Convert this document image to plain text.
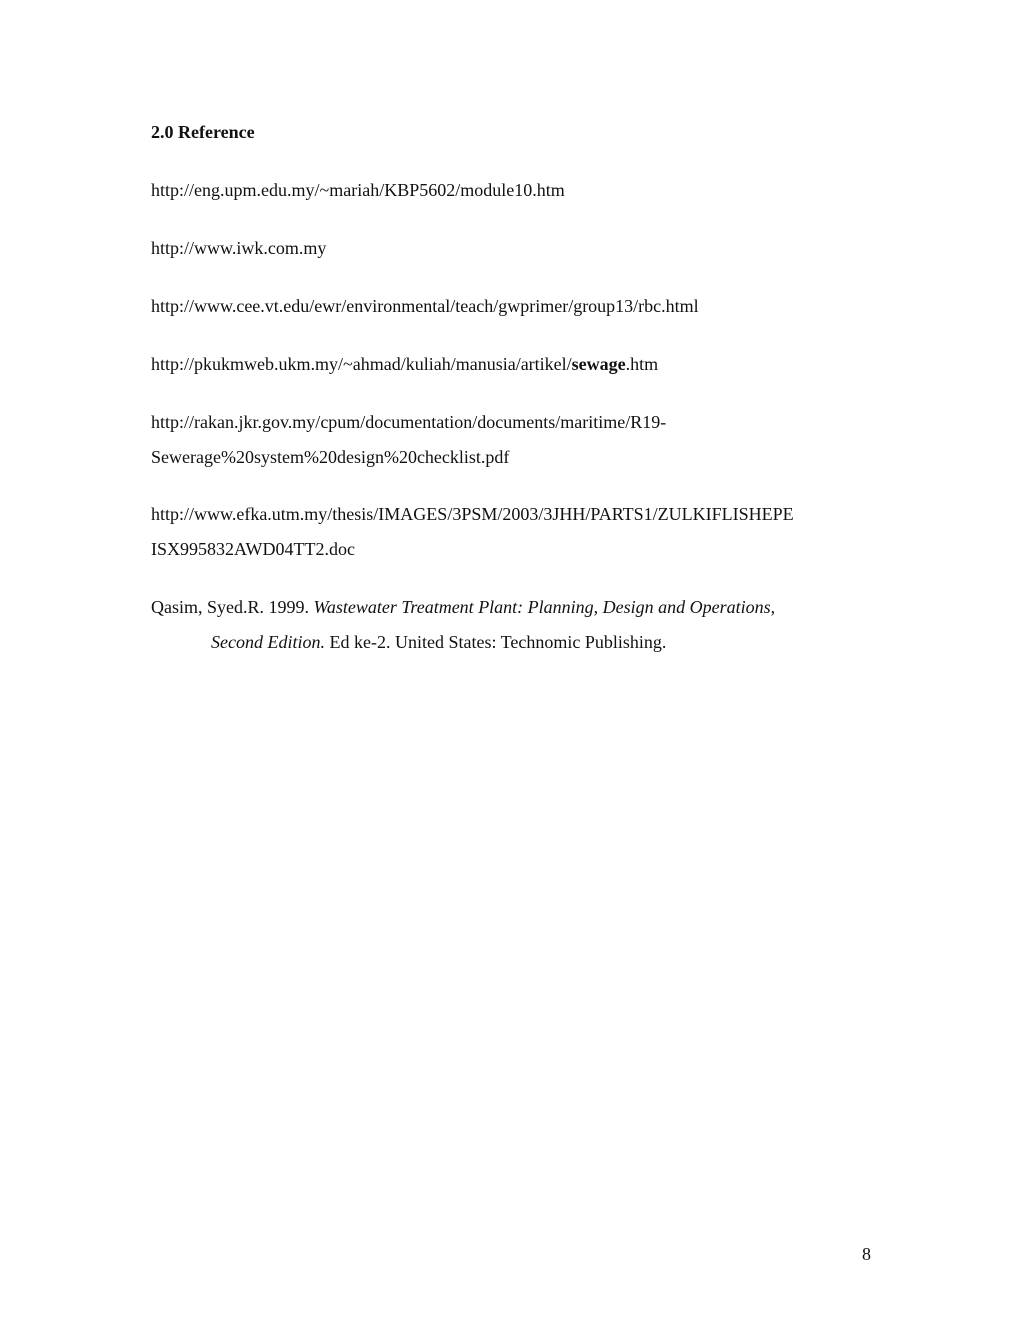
2.0 Reference
http://eng.upm.edu.my/~mariah/KBP5602/module10.htm
http://www.iwk.com.my
http://www.cee.vt.edu/ewr/environmental/teach/gwprimer/group13/rbc.html
http://pkukmweb.ukm.my/~ahmad/kuliah/manusia/artikel/sewage.htm
http://rakan.jkr.gov.my/cpum/documentation/documents/maritime/R19-
Sewerage%20system%20design%20checklist.pdf
http://www.efka.utm.my/thesis/IMAGES/3PSM/2003/3JHH/PARTS1/ZULKIFLISHEPE
ISX995832AWD04TT2.doc
Qasim, Syed.R. 1999. Wastewater Treatment Plant: Planning, Design and Operations,
Second Edition. Ed ke-2. United States: Technomic Publishing.
8
